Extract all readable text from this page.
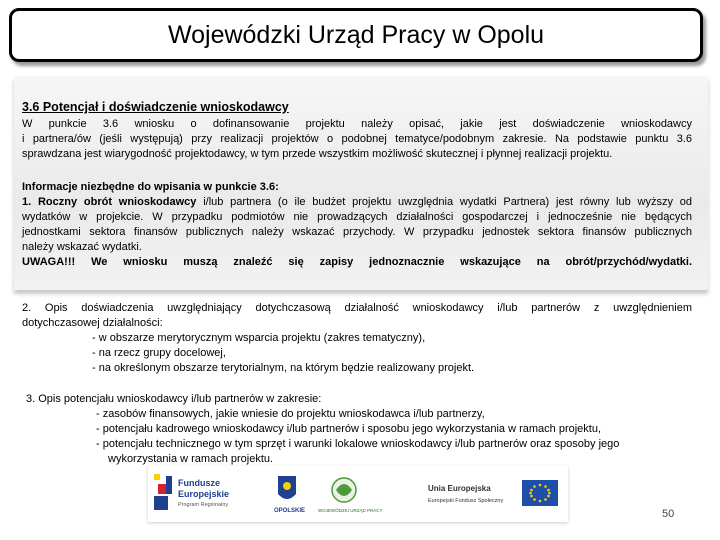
Wojewódzki Urząd Pracy w Opolu
3.6 Potencjał i doświadczenie wnioskodawcy

W punkcie 3.6 wniosku o dofinansowanie projektu należy opisać, jakie jest doświadczenie wnioskodawcy

i partnera/ów (jeśli występują) przy realizacji projektów o podobnej tematyce/podobnym zakresie. Na podstawie punktu 3.6

sprawdzana jest wiarygodność projektodawcy, w tym przede wszystkim możliwość skutecznej i płynnej realizacji projektu.

Informacje niezbędne do wpisania w punkcie 3.6:

1. Roczny obrót wnioskodawcy i/lub partnera (o ile budżet projektu uwzględnia wydatki Partnera) jest równy lub wyższy od

wydatków w projekcie. W przypadku podmiotów nie prowadzących działalności gospodarczej i jednocześnie nie będących

jednostkami sektora finansów publicznych należy wskazać przychody. W przypadku jednostek sektora finansów publicznych

należy wskazać wydatki.

UWAGA!!! We wniosku muszą znaleźć się zapisy jednoznacznie wskazujące na obrót/przychód/wydatki.

2. Opis doświadczenia uwzględniający dotychczasową działalność wnioskodawcy i/lub partnerów z uwzględnieniem

dotychczasowej działalności:

- w obszarze merytorycznym wsparcia projektu (zakres tematyczny),

- na rzecz grupy docelowej,

- na określonym obszarze terytorialnym, na którym będzie realizowany projekt.

3. Opis potencjału wnioskodawcy i/lub partnerów w zakresie:

- zasobów finansowych, jakie wniesie do projektu wnioskodawca i/lub partnerzy,

- potencjału kadrowego wnioskodawcy i/lub partnerów i sposobu jego wykorzystania w ramach projektu,

- potencjału technicznego w tym sprzęt i warunki lokalowe wnioskodawcy i/lub partnerów oraz sposoby jego

wykorzystania w ramach projektu.

Fundusze
Europejskie
Program Regionalny
OPOLSKIE	WOJEWÓDZKI URZĄD PRACY
Unia Europejska
Europejski Fundusz Społeczny
50
